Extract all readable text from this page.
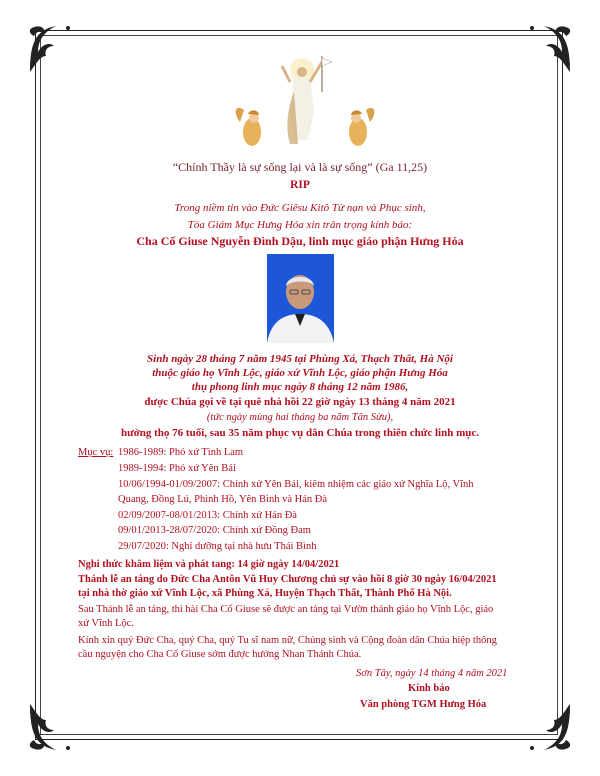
“Chính Thầy là sự sống lại và là sự sống” (Ga 11,25)
RIP
Trong niềm tin vào Đức Giêsu Kitô Tử nạn và Phục sinh,
Tòa Giám Mục Hưng Hóa xin trân trọng kính báo:
Cha Cố Giuse Nguyễn Đình Dậu, linh mục giáo phận Hưng Hóa
Sinh ngày 28 tháng 7 năm 1945 tại Phùng Xá, Thạch Thất, Hà Nội
thuộc giáo họ Vĩnh Lộc, giáo xứ Vĩnh Lộc, giáo phận Hưng Hóa
thụ phong linh mục ngày 8 tháng 12 năm 1986,
được Chúa gọi về tại quê nhà hồi 22 giờ ngày 13 tháng 4 năm 2021
(tức ngày mùng hai tháng ba năm Tân Sửu),
hưởng thọ 76 tuổi, sau 35 năm phục vụ dân Chúa trong thiên chức linh mục.
Mục vụ: 1986-1989: Phó xứ Tình Lam
1989-1994: Phó xứ Yên Bái
10/06/1994-01/09/2007: Chính xứ Yên Bái, kiêm nhiệm các giáo xứ Nghĩa Lộ, Vĩnh
Quang, Đồng Lú, Phình Hồ, Yên Bình và Hán Đà
02/09/2007-08/01/2013: Chính xứ Hán Đà
09/01/2013-28/07/2020: Chính xứ Đồng Đam
29/07/2020: Nghỉ dưỡng tại nhà hưu Thái Bình
Nghi thức khâm liệm và phát tang: 14 giờ ngày 14/04/2021
Thánh lễ an táng do Đức Cha Antôn Vũ Huy Chương chủ sự vào hồi 8 giờ 30 ngày 16/04/2021
tại nhà thờ giáo xứ Vĩnh Lộc, xã Phùng Xá, Huyện Thạch Thất, Thành Phố Hà Nội.
Sau Thánh lễ an táng, thi hài Cha Cố Giuse sẽ được an táng tại Vườn thánh giáo họ Vĩnh Lộc, giáo
xứ Vĩnh Lộc.
Kính xin quý Đức Cha, quý Cha, quý Tu sĩ nam nữ, Chủng sinh và Cộng đoàn dân Chúa hiệp thông
cầu nguyện cho Cha Cố Giuse sớm được hưởng Nhan Thánh Chúa.
Sơn Tây, ngày 14 tháng 4 năm 2021
Kính báo
Văn phòng TGM Hưng Hóa
